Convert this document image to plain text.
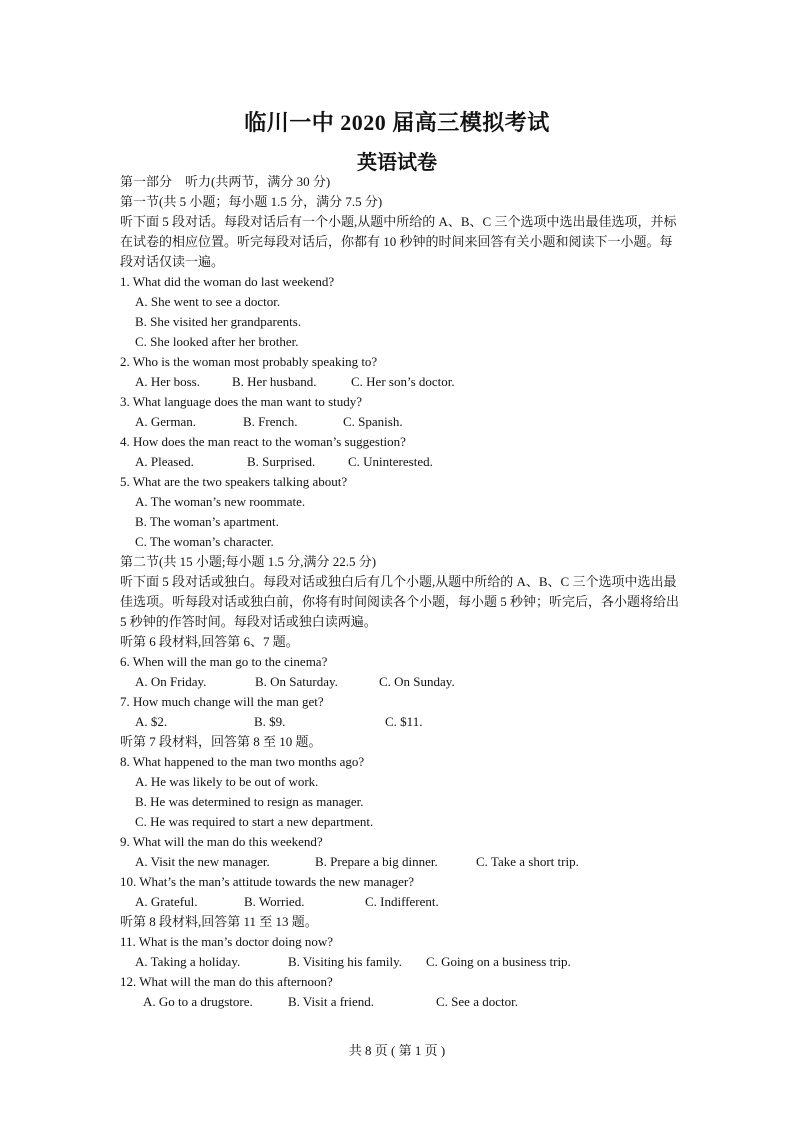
临川一中 2020 届高三模拟考试
英语试卷
第一部分　听力(共两节，满分 30 分)
第一节(共 5 小题；每小题 1.5 分，满分 7.5 分)
听下面 5 段对话。每段对话后有一个小题,从题中所给的 A、B、C 三个选项中选出最佳选项，并标在试卷的相应位置。听完每段对话后，你都有 10 秒钟的时间来回答有关小题和阅读下一小题。每段对话仅读一遍。
1. What did the woman do last weekend?
A. She went to see a doctor.
B. She visited her grandparents.
C. She looked after her brother.
2. Who is the woman most probably speaking to?
A. Her boss.	B. Her husband.	C. Her son’s doctor.
3. What language does the man want to study?
A. German.	B. French.	C. Spanish.
4. How does the man react to the woman’s suggestion?
A. Pleased.	B. Surprised.	C. Uninterested.
5. What are the two speakers talking about?
A. The woman’s new roommate.
B. The woman’s apartment.
C. The woman’s character.
第二节(共 15 小题;每小题 1.5 分,满分 22.5 分)
听下面 5 段对话或独白。每段对话或独白后有几个小题,从题中所给的 A、B、C 三个选项中选出最佳选项。听每段对话或独白前，你将有时间阅读各个小题，每小题 5 秒钟；听完后，各小题将给出 5 秒钟的作答时间。每段对话或独白读两遍。
听第 6 段材料,回答第 6、7 题。
6. When will the man go to the cinema?
A. On Friday.	B. On Saturday.	C. On Sunday.
7. How much change will the man get?
A. $2.	B. $9.	C. $11.
听第 7 段材料，回答第 8 至 10 题。
8. What happened to the man two months ago?
A. He was likely to be out of work.
B. He was determined to resign as manager.
C. He was required to start a new department.
9. What will the man do this weekend?
A. Visit the new manager.	B. Prepare a big dinner.	C. Take a short trip.
10. What’s the man’s attitude towards the new manager?
A. Grateful.	B. Worried.	C. Indifferent.
听第 8 段材料,回答第 11 至 13 题。
11. What is the man’s doctor doing now?
A. Taking a holiday.	B. Visiting his family.	C. Going on a business trip.
12. What will the man do this afternoon?
A. Go to a drugstore.	B. Visit a friend.	C. See a doctor.
共 8 页 ( 第 1 页 )
